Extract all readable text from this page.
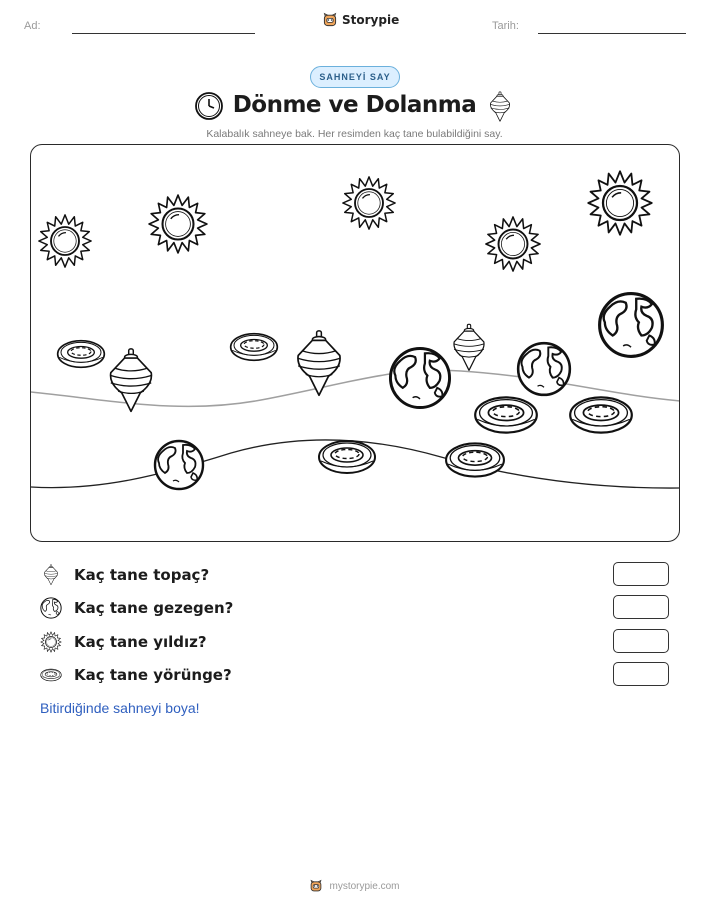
Ad:	Storypie	Tarih:
SAHNEYİ SAY
Dönme ve Dolanma
Kalabalık sahneye bak. Her resimden kaç tane bulabildiğini say.
Kaç tane topaç?
Kaç tane gezegen?
Kaç tane yıldız?
Kaç tane yörünge?
Bitirdiğinde sahneyi boya!
mystorypie.com
